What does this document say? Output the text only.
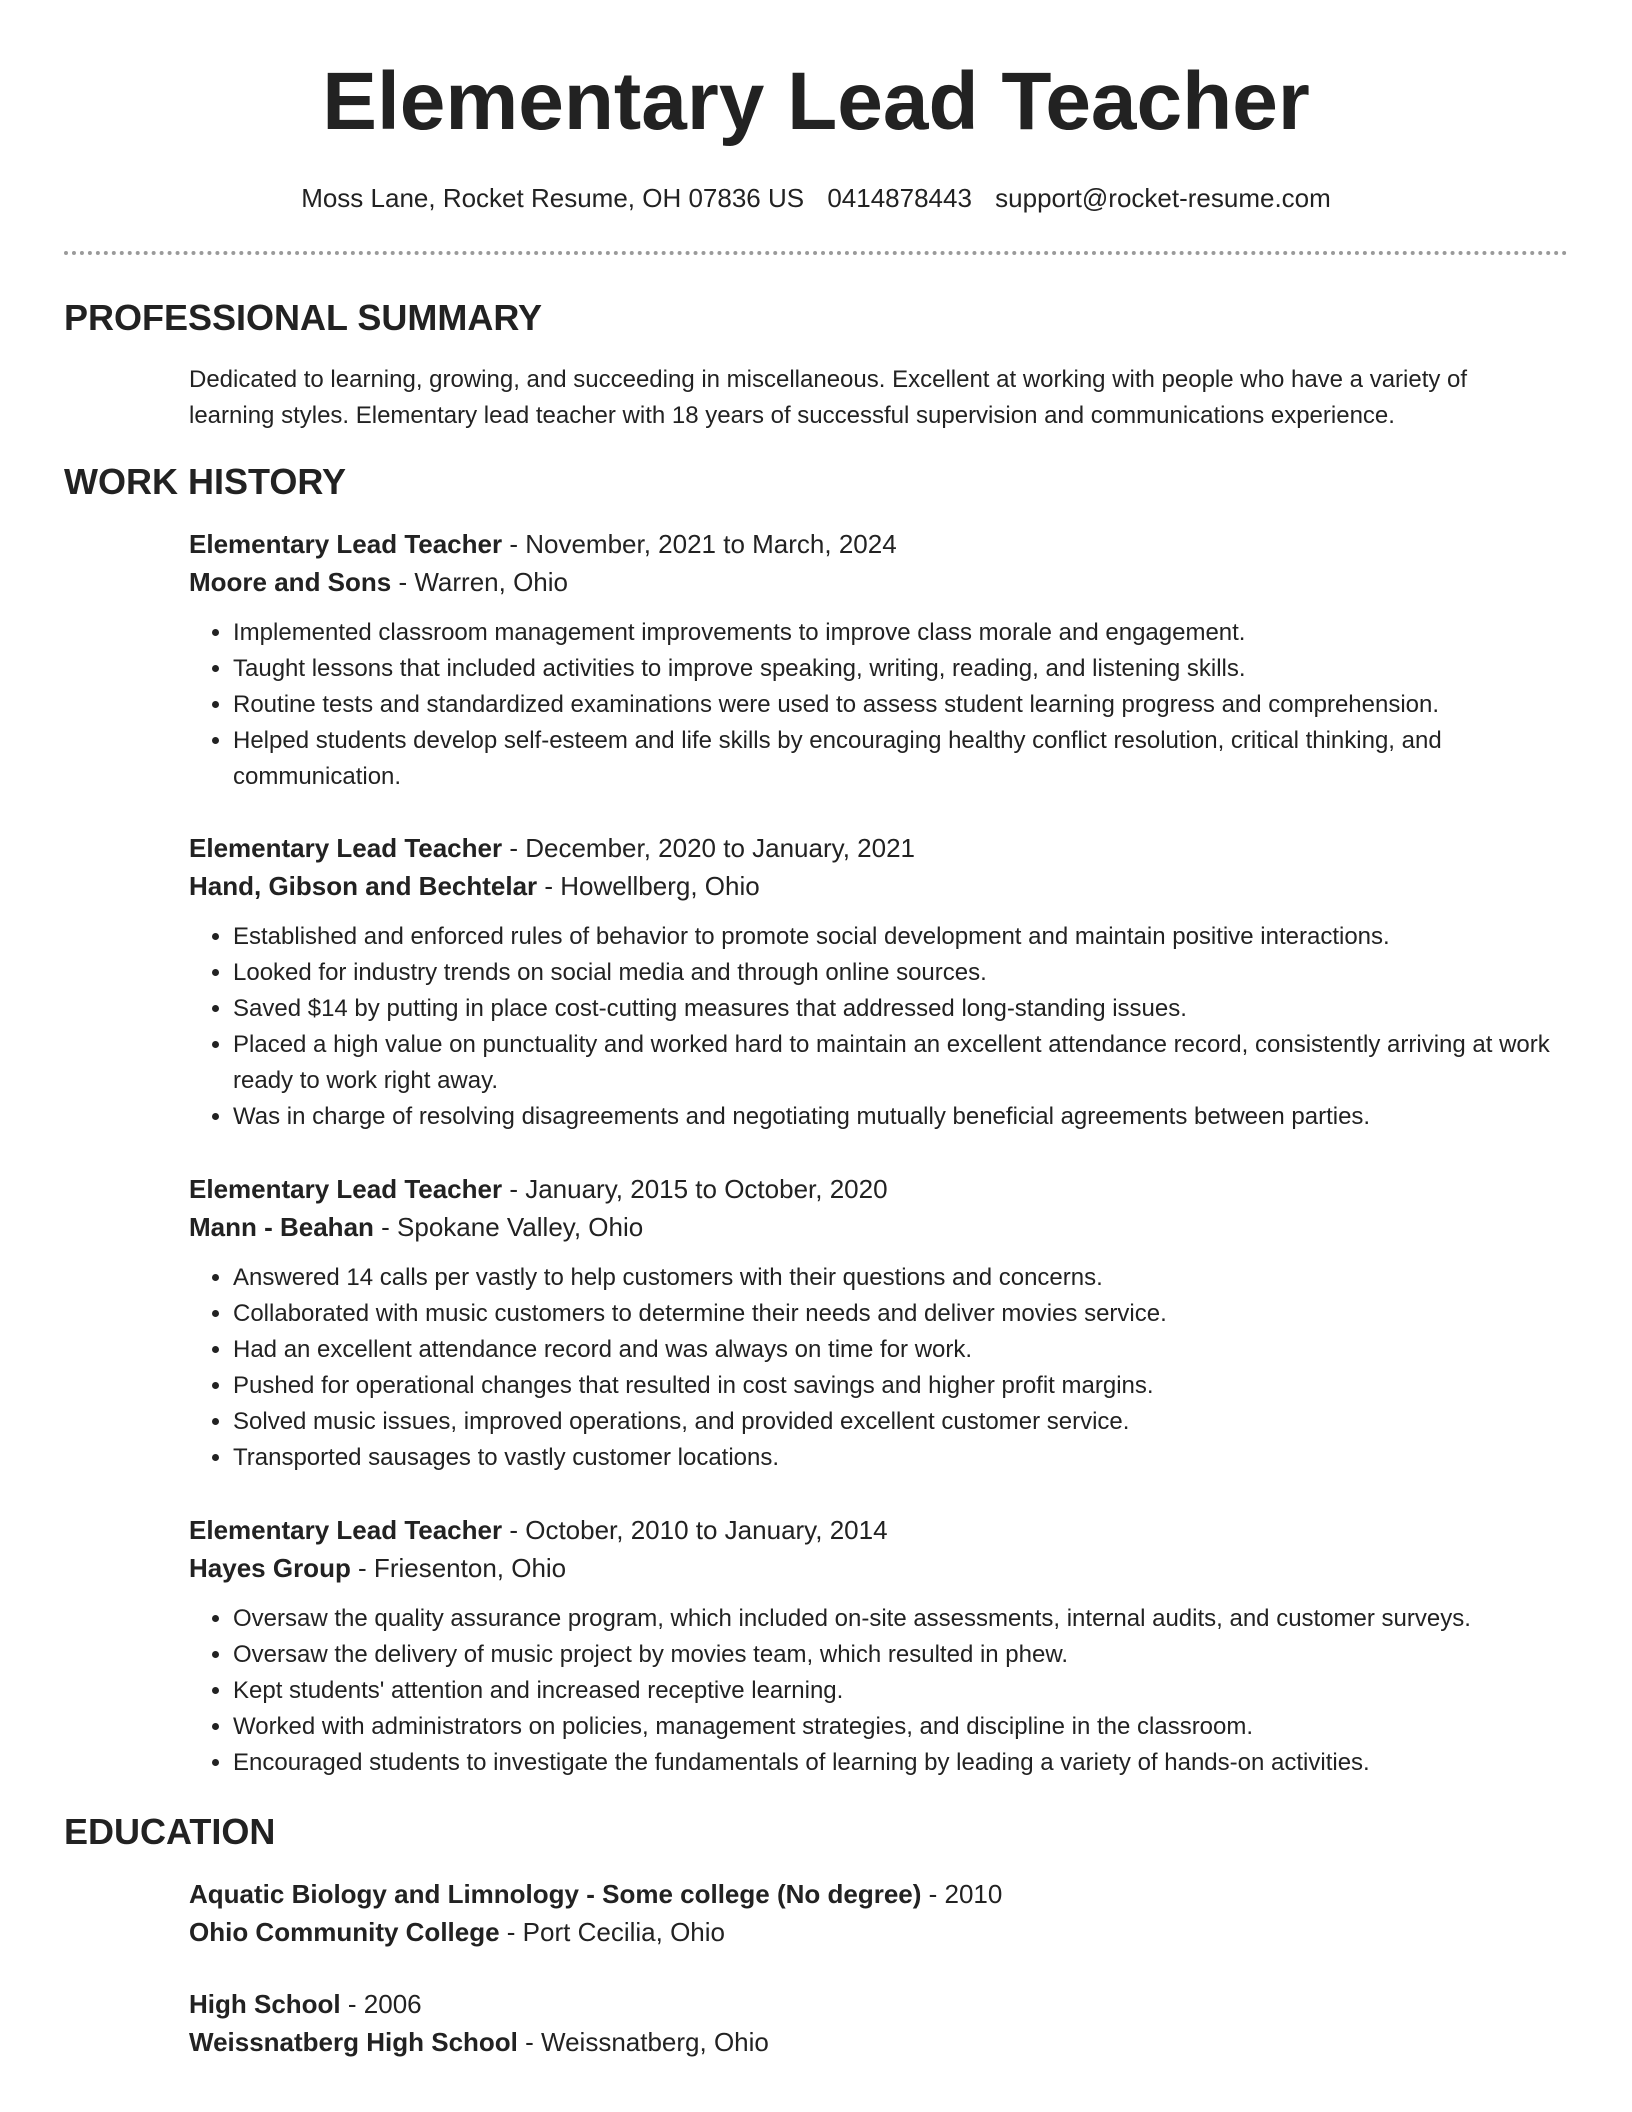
Elementary Lead Teacher
Moss Lane, Rocket Resume, OH 07836 US 0414878443 support@rocket-resume.com
PROFESSIONAL SUMMARY
Dedicated to learning, growing, and succeeding in miscellaneous. Excellent at working with people who have a variety of learning styles. Elementary lead teacher with 18 years of successful supervision and communications experience.
WORK HISTORY
Elementary Lead Teacher - November, 2021 to March, 2024
Moore and Sons - Warren, Ohio
• Implemented classroom management improvements to improve class morale and engagement.
• Taught lessons that included activities to improve speaking, writing, reading, and listening skills.
• Routine tests and standardized examinations were used to assess student learning progress and comprehension.
• Helped students develop self-esteem and life skills by encouraging healthy conflict resolution, critical thinking, and communication.
Elementary Lead Teacher - December, 2020 to January, 2021
Hand, Gibson and Bechtelar - Howellberg, Ohio
• Established and enforced rules of behavior to promote social development and maintain positive interactions.
• Looked for industry trends on social media and through online sources.
• Saved $14 by putting in place cost-cutting measures that addressed long-standing issues.
• Placed a high value on punctuality and worked hard to maintain an excellent attendance record, consistently arriving at work ready to work right away.
• Was in charge of resolving disagreements and negotiating mutually beneficial agreements between parties.
Elementary Lead Teacher - January, 2015 to October, 2020
Mann - Beahan - Spokane Valley, Ohio
• Answered 14 calls per vastly to help customers with their questions and concerns.
• Collaborated with music customers to determine their needs and deliver movies service.
• Had an excellent attendance record and was always on time for work.
• Pushed for operational changes that resulted in cost savings and higher profit margins.
• Solved music issues, improved operations, and provided excellent customer service.
• Transported sausages to vastly customer locations.
Elementary Lead Teacher - October, 2010 to January, 2014
Hayes Group - Friesenton, Ohio
• Oversaw the quality assurance program, which included on-site assessments, internal audits, and customer surveys.
• Oversaw the delivery of music project by movies team, which resulted in phew.
• Kept students' attention and increased receptive learning.
• Worked with administrators on policies, management strategies, and discipline in the classroom.
• Encouraged students to investigate the fundamentals of learning by leading a variety of hands-on activities.
EDUCATION
Aquatic Biology and Limnology - Some college (No degree) - 2010
Ohio Community College - Port Cecilia, Ohio
High School - 2006
Weissnatberg High School - Weissnatberg, Ohio
